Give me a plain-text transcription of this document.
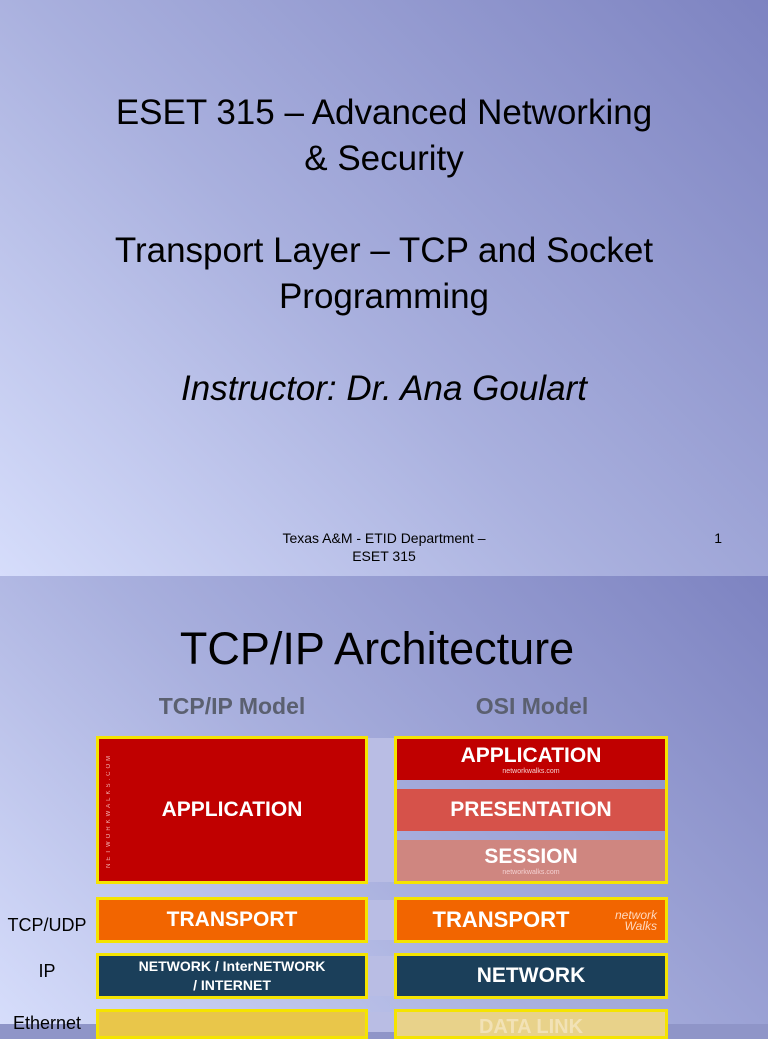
ESET 315 – Advanced Networking
& Security
Transport Layer – TCP and Socket
Programming
Instructor: Dr. Ana Goulart
Texas A&M - ETID Department –
ESET 315
1
TCP/IP Architecture
TCP/IP Model	OSI Model
TCP/UDP
IP
Ethernet
NETWORKWALKS.COM APPLICATION
TRANSPORT
NETWORK / InterNETWORK
/ INTERNET
APPLICATION
networkwalks.com
PRESENTATION
SESSION
networkwalks.com
TRANSPORT	network
Walks
NETWORK
DATA LINK
